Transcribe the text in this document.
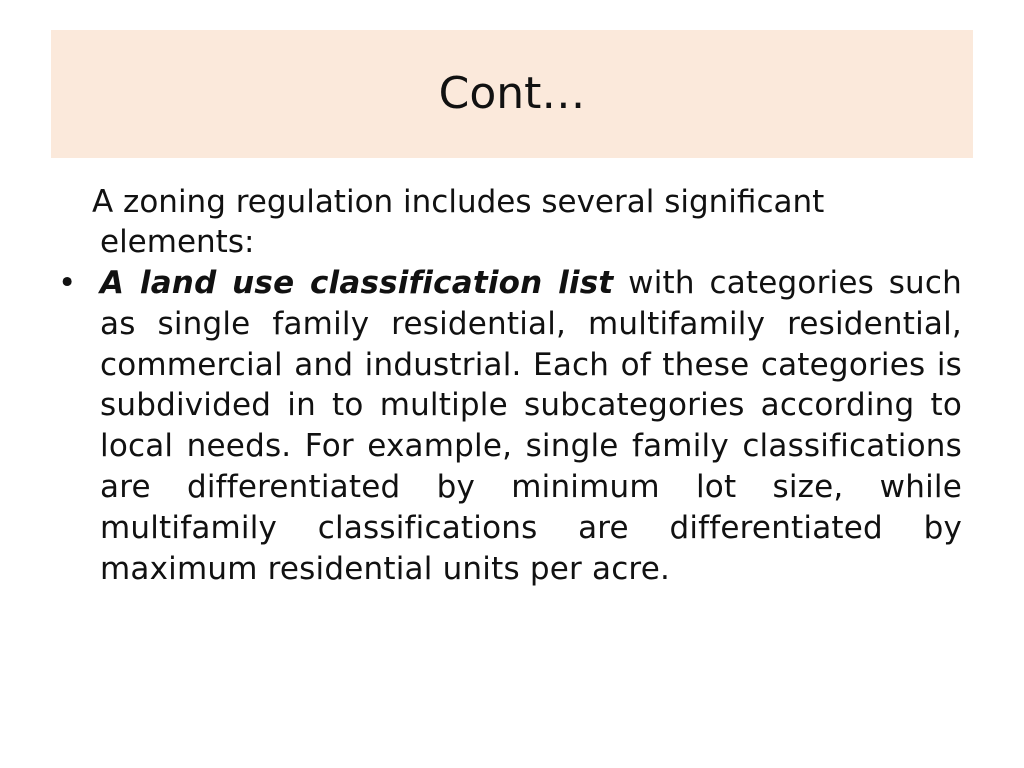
Cont…

A zoning regulation includes several significant elements:

• A land use classification list with categories such as single family residential, multifamily residential, commercial and industrial. Each of these categories is subdivided in to multiple subcategories according to local needs. For example, single family classifications are differentiated by minimum lot size, while multifamily classifications are differentiated by maximum residential units per acre.
